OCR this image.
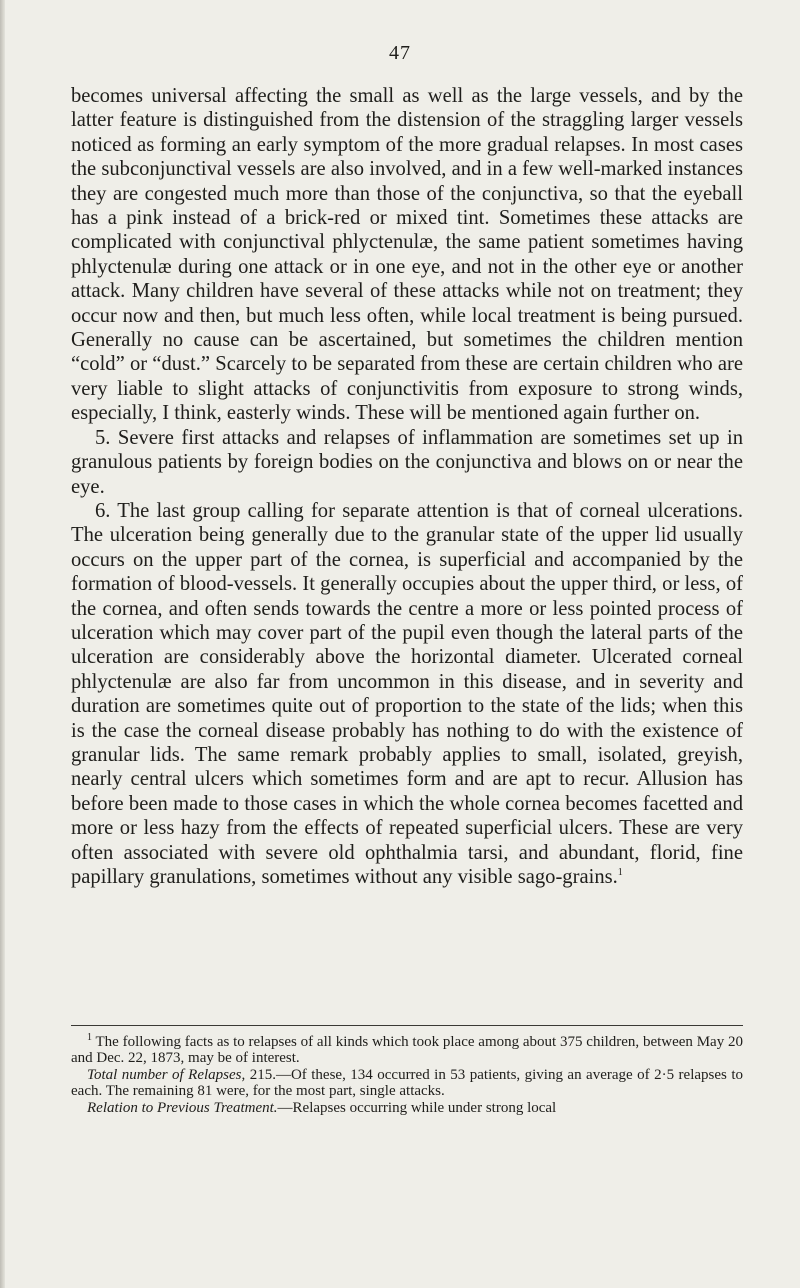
47

becomes universal affecting the small as well as the large vessels, and by the latter feature is distinguished from the distension of the straggling larger vessels noticed as forming an early symptom of the more gradual relapses. In most cases the subconjunctival vessels are also involved, and in a few well-marked instances they are congested much more than those of the conjunctiva, so that the eyeball has a pink instead of a brick-red or mixed tint. Sometimes these attacks are complicated with conjunctival phlyctenulæ, the same patient sometimes having phlyctenulæ during one attack or in one eye, and not in the other eye or another attack. Many children have several of these attacks while not on treatment; they occur now and then, but much less often, while local treatment is being pursued. Generally no cause can be ascertained, but sometimes the children mention “cold” or “dust.” Scarcely to be separated from these are certain children who are very liable to slight attacks of conjunctivitis from exposure to strong winds, especially, I think, easterly winds. These will be mentioned again further on.

5. Severe first attacks and relapses of inflammation are sometimes set up in granulous patients by foreign bodies on the conjunctiva and blows on or near the eye.

6. The last group calling for separate attention is that of corneal ulcerations. The ulceration being generally due to the granular state of the upper lid usually occurs on the upper part of the cornea, is superficial and accompanied by the formation of blood-vessels. It generally occupies about the upper third, or less, of the cornea, and often sends towards the centre a more or less pointed process of ulceration which may cover part of the pupil even though the lateral parts of the ulceration are considerably above the horizontal diameter. Ulcerated corneal phlyctenulæ are also far from uncommon in this disease, and in severity and duration are sometimes quite out of proportion to the state of the lids; when this is the case the corneal disease probably has nothing to do with the existence of granular lids. The same remark probably applies to small, isolated, greyish, nearly central ulcers which sometimes form and are apt to recur. Allusion has before been made to those cases in which the whole cornea becomes facetted and more or less hazy from the effects of repeated superficial ulcers. These are very often associated with severe old ophthalmia tarsi, and abundant, florid, fine papillary granulations, sometimes without any visible sago-grains.$^1$

$^1$ The following facts as to relapses of all kinds which took place among about 375 children, between May 20 and Dec. 22, 1873, may be of interest.

Total number of Relapses, 215.—Of these, 134 occurred in 53 patients, giving an average of 2·5 relapses to each. The remaining 81 were, for the most part, single attacks.

Relation to Previous Treatment.—Relapses occurring while under strong local
